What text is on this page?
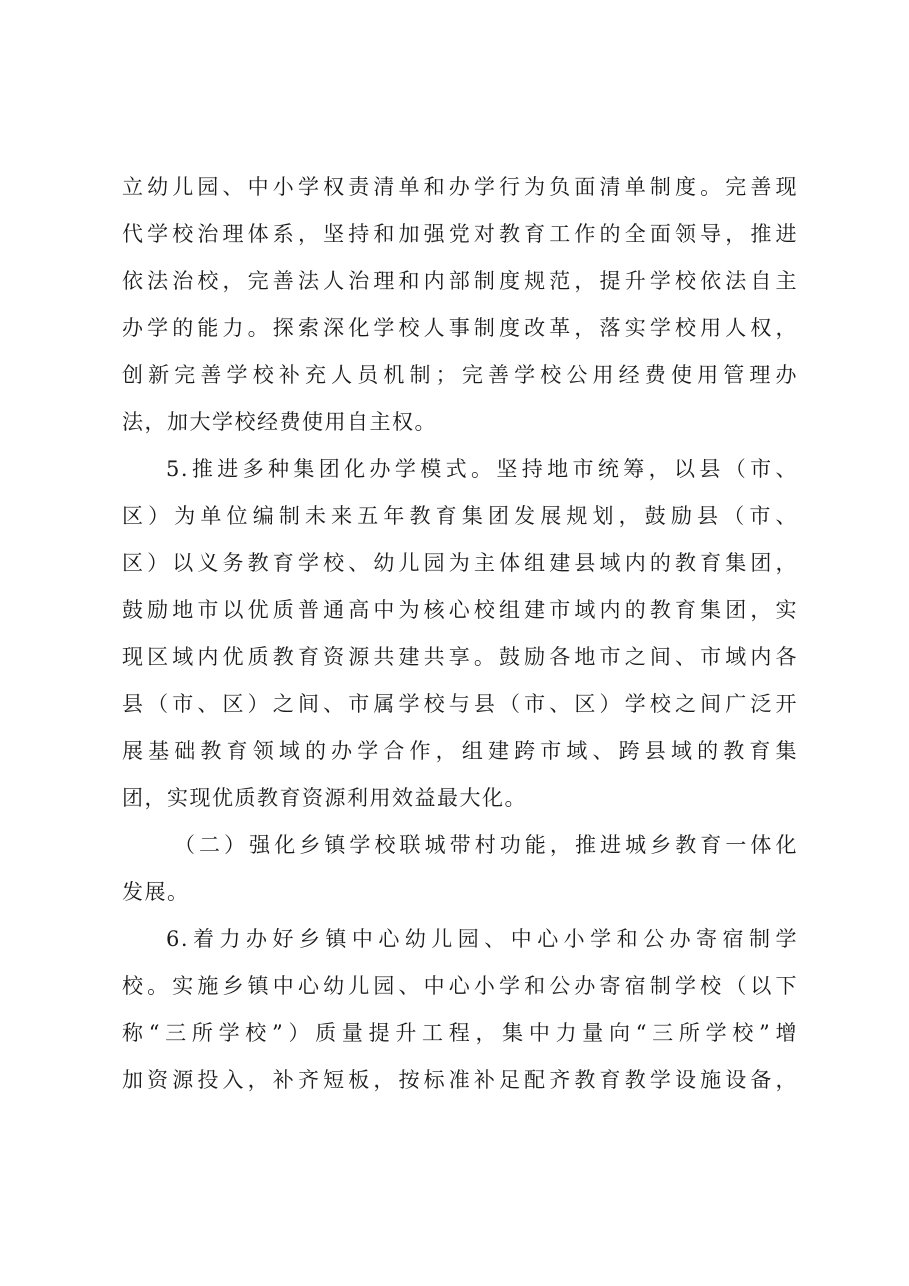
立幼儿园、中小学权责清单和办学行为负面清单制度。完善现
代学校治理体系，坚持和加强党对教育工作的全面领导，推进
依法治校，完善法人治理和内部制度规范，提升学校依法自主
办学的能力。探索深化学校人事制度改革，落实学校用人权，
创新完善学校补充人员机制；完善学校公用经费使用管理办
法，加大学校经费使用自主权。
5.推进多种集团化办学模式。坚持地市统筹，以县（市、
区）为单位编制未来五年教育集团发展规划，鼓励县（市、
区）以义务教育学校、幼儿园为主体组建县域内的教育集团，
鼓励地市以优质普通高中为核心校组建市域内的教育集团，实
现区域内优质教育资源共建共享。鼓励各地市之间、市域内各
县（市、区）之间、市属学校与县（市、区）学校之间广泛开
展基础教育领域的办学合作，组建跨市域、跨县域的教育集
团，实现优质教育资源利用效益最大化。
（二）强化乡镇学校联城带村功能，推进城乡教育一体化
发展。
6.着力办好乡镇中心幼儿园、中心小学和公办寄宿制学
校。实施乡镇中心幼儿园、中心小学和公办寄宿制学校（以下
称“三所学校”）质量提升工程，集中力量向“三所学校”增
加资源投入，补齐短板，按标准补足配齐教育教学设施设备，
